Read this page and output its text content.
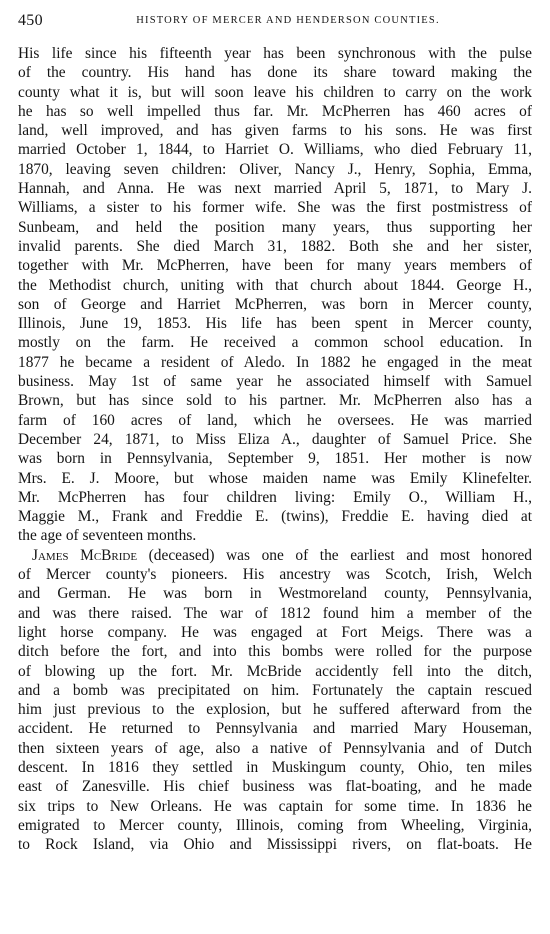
450	HISTORY OF MERCER AND HENDERSON COUNTIES.
His life since his fifteenth year has been synchronous with the pulse
of the country. His hand has done its share toward making the
county what it is, but will soon leave his children to carry on the work
he has so well impelled thus far. Mr. McPherren has 460 acres of
land, well improved, and has given farms to his sons. He was first
married October 1, 1844, to Harriet O. Williams, who died February 11,
1870, leaving seven children: Oliver, Nancy J., Henry, Sophia, Emma,
Hannah, and Anna. He was next married April 5, 1871, to Mary J.
Williams, a sister to his former wife. She was the first postmistress of
Sunbeam, and held the position many years, thus supporting her
invalid parents. She died March 31, 1882. Both she and her sister,
together with Mr. McPherren, have been for many years members of
the Methodist church, uniting with that church about 1844. George H.,
son of George and Harriet McPherren, was born in Mercer county,
Illinois, June 19, 1853. His life has been spent in Mercer county,
mostly on the farm. He received a common school education. In
1877 he became a resident of Aledo. In 1882 he engaged in the meat
business. May 1st of same year he associated himself with Samuel
Brown, but has since sold to his partner. Mr. McPherren also has a
farm of 160 acres of land, which he oversees. He was married
December 24, 1871, to Miss Eliza A., daughter of Samuel Price. She
was born in Pennsylvania, September 9, 1851. Her mother is now
Mrs. E. J. Moore, but whose maiden name was Emily Klinefelter.
Mr. McPherren has four children living: Emily O., William H.,
Maggie M., Frank and Freddie E. (twins), Freddie E. having died at
the age of seventeen months.
James McBride (deceased) was one of the earliest and most honored
of Mercer county's pioneers. His ancestry was Scotch, Irish, Welch
and German. He was born in Westmoreland county, Pennsylvania,
and was there raised. The war of 1812 found him a member of the
light horse company. He was engaged at Fort Meigs. There was a
ditch before the fort, and into this bombs were rolled for the purpose
of blowing up the fort. Mr. McBride accidently fell into the ditch,
and a bomb was precipitated on him. Fortunately the captain rescued
him just previous to the explosion, but he suffered afterward from the
accident. He returned to Pennsylvania and married Mary Houseman,
then sixteen years of age, also a native of Pennsylvania and of Dutch
descent. In 1816 they settled in Muskingum county, Ohio, ten miles
east of Zanesville. His chief business was flat-boating, and he made
six trips to New Orleans. He was captain for some time. In 1836 he
emigrated to Mercer county, Illinois, coming from Wheeling, Virginia,
to Rock Island, via Ohio and Mississippi rivers, on flat-boats. He
